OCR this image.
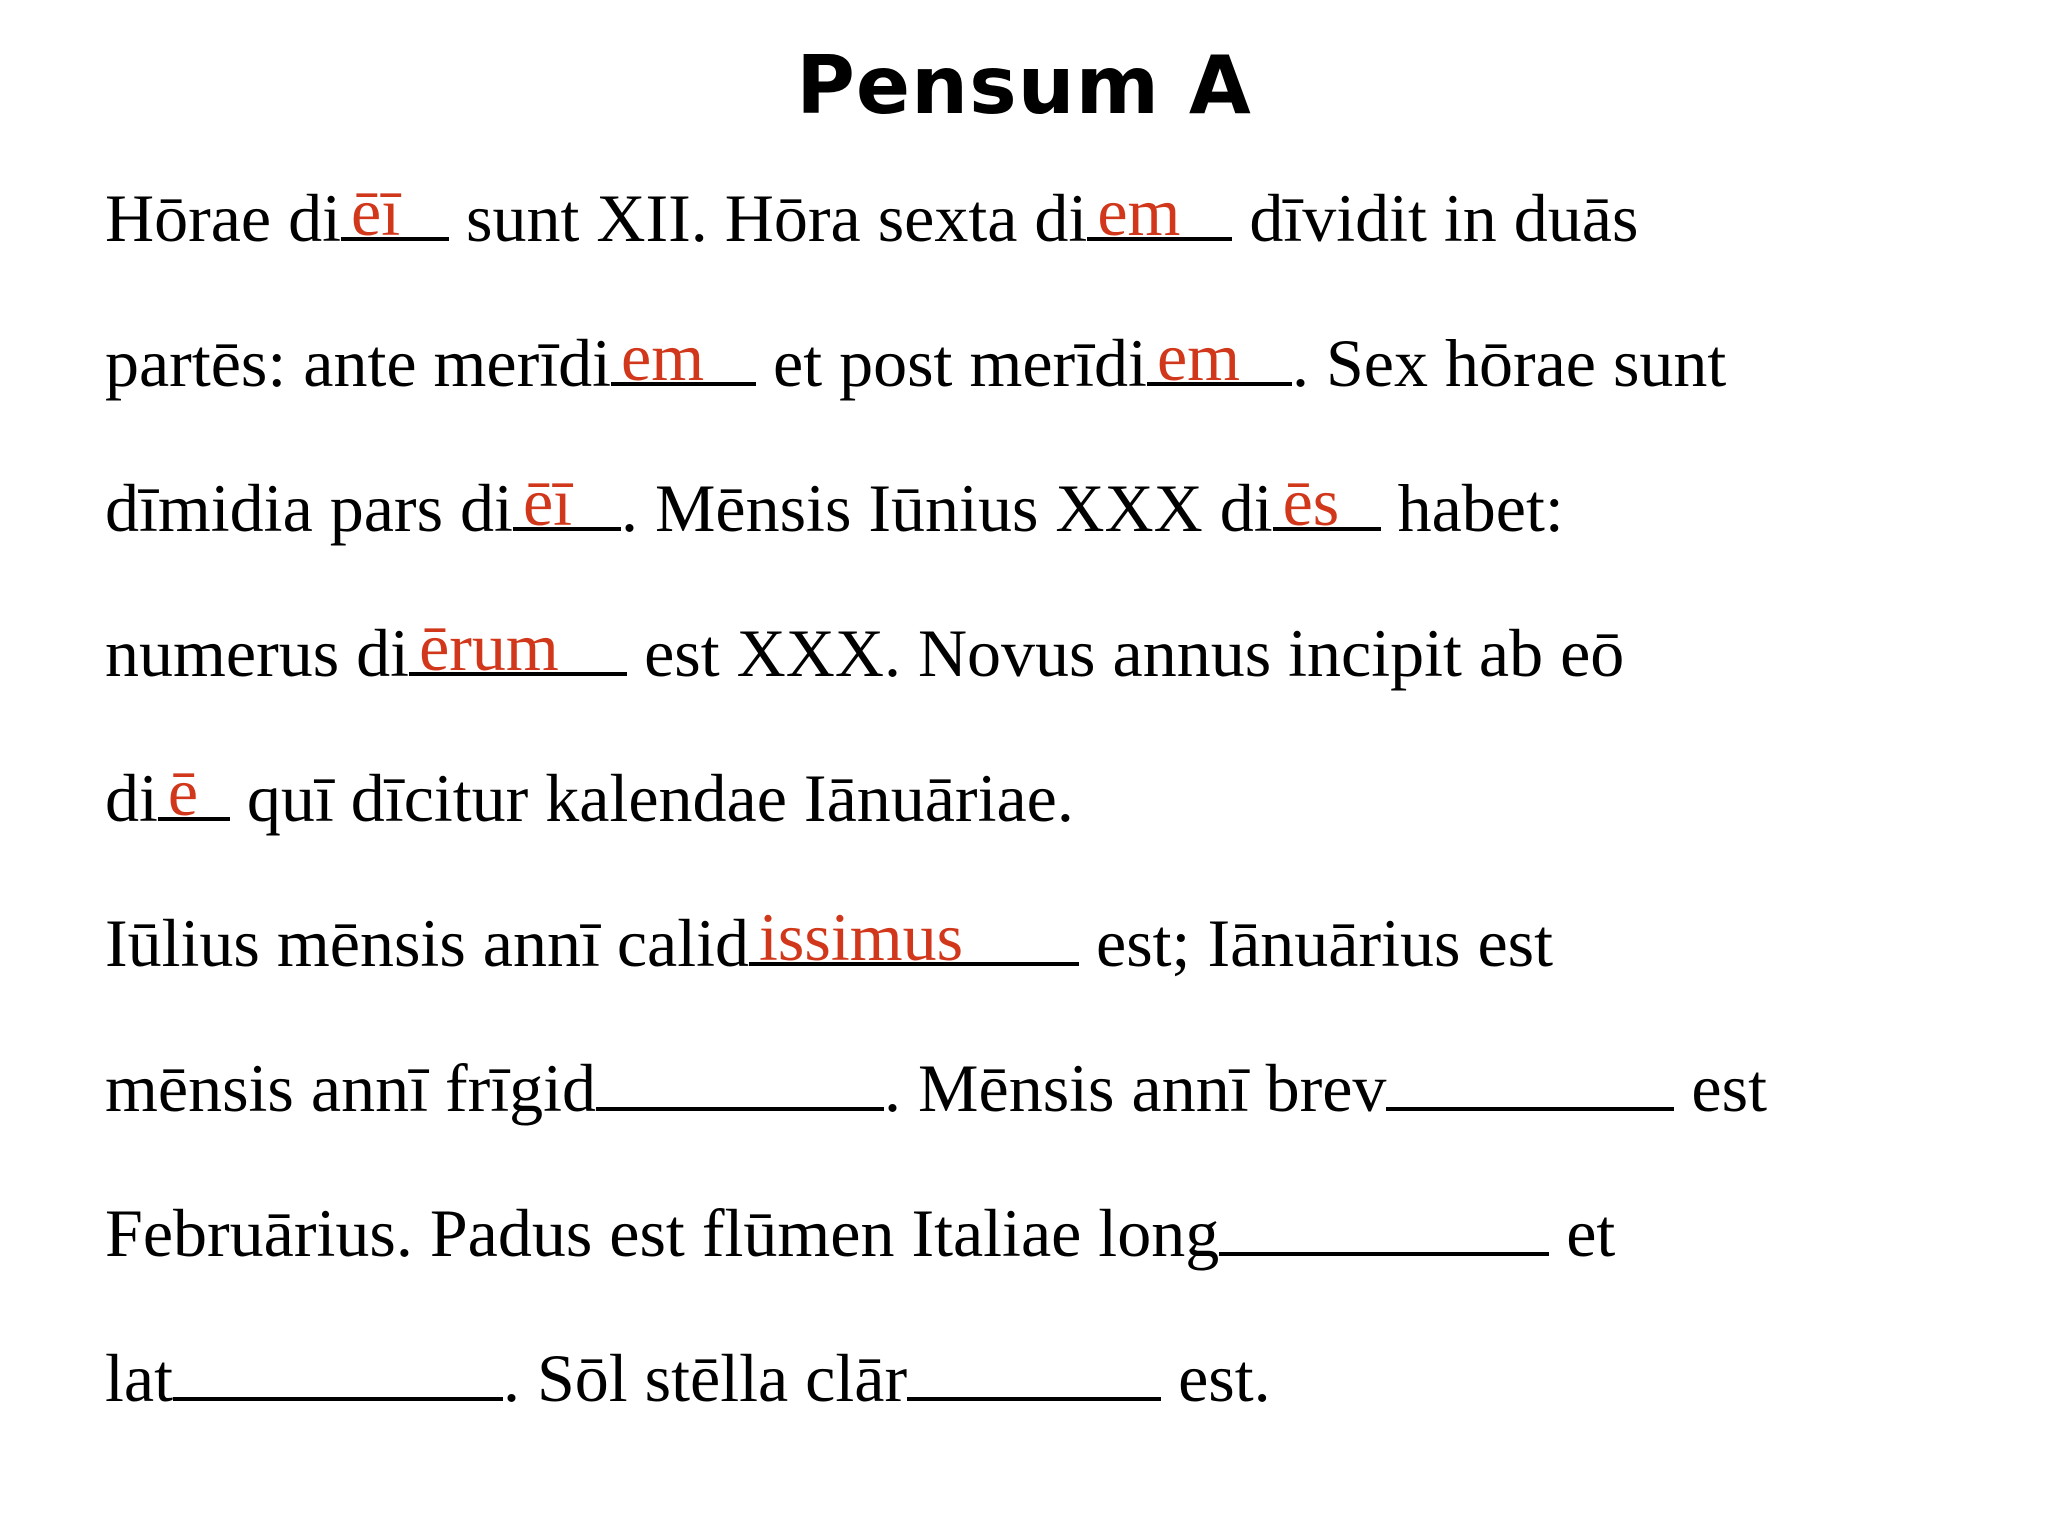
Pensum A
Hōrae di ēī sunt XII. Hōra sexta di em dīvidit in duās
partēs: ante merīdi em et post merīdi em . Sex hōrae sunt
dīmidia pars di ēī . Mēnsis Iūnius XXX di ēs habet:
numerus di ērum est XXX. Novus annus incipit ab eō
di ē quī dīcitur kalendae Iānuāriae.
Iūlius mēnsis annī calid issimus est; Iānuārius est
mēnsis annī frīgid	. Mēnsis annī brev	est
Februārius. Padus est flūmen Italiae long	et
lat	. Sōl stēlla clār	est.
